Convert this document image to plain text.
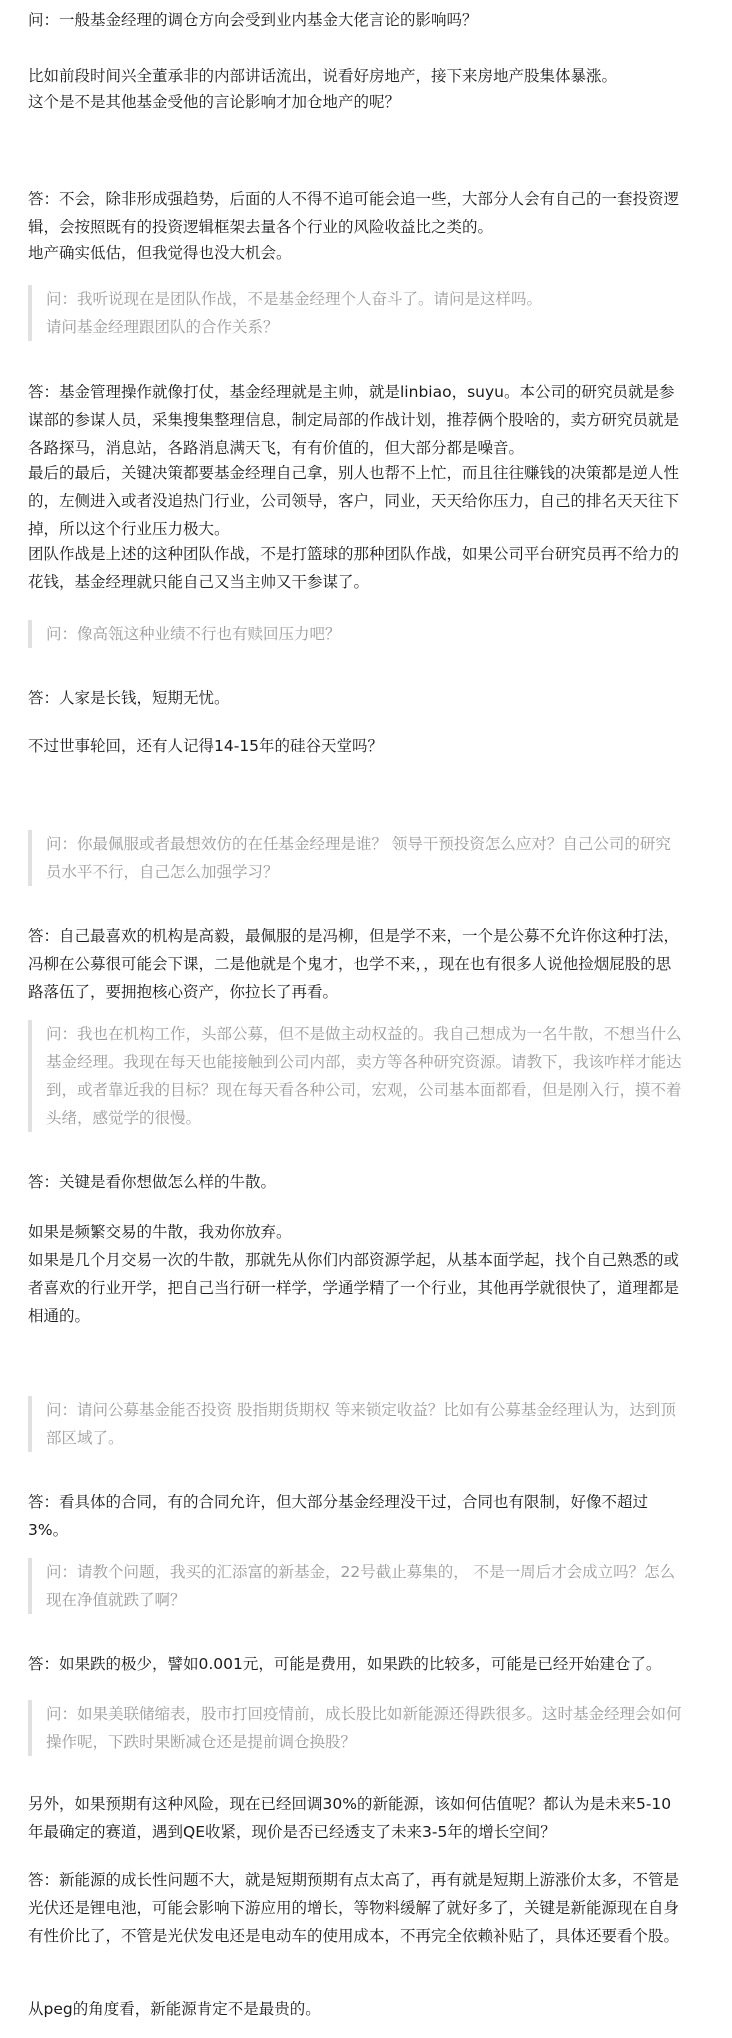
问：一般基金经理的调仓方向会受到业内基金大佬言论的影响吗？

比如前段时间兴全董承非的内部讲话流出，说看好房地产，接下来房地产股集体暴涨。

这个是不是其他基金受他的言论影响才加仓地产的呢？

答：不会，除非形成强趋势，后面的人不得不追可能会追一些，大部分人会有自己的一套投资逻辑，会按照既有的投资逻辑框架去量各个行业的风险收益比之类的。

地产确实低估，但我觉得也没大机会。

问：我听说现在是团队作战，不是基金经理个人奋斗了。请问是这样吗。

请问基金经理跟团队的合作关系？

答：基金管理操作就像打仗，基金经理就是主帅，就是linbiao，suyu。本公司的研究员就是参谋部的参谋人员，采集搜集整理信息，制定局部的作战计划，推荐俩个股啥的，卖方研究员就是各路探马，消息站，各路消息满天飞，有有价值的，但大部分都是噪音。

最后的最后，关键决策都要基金经理自己拿，别人也帮不上忙，而且往往赚钱的决策都是逆人性的，左侧进入或者没追热门行业，公司领导，客户，同业，天天给你压力，自己的排名天天往下掉，所以这个行业压力极大。

团队作战是上述的这种团队作战，不是打篮球的那种团队作战，如果公司平台研究员再不给力的花钱，基金经理就只能自己又当主帅又干参谋了。

问：像高瓴这种业绩不行也有赎回压力吧？

答：人家是长钱，短期无忧。

不过世事轮回，还有人记得14-15年的硅谷天堂吗？

问：你最佩服或者最想效仿的在任基金经理是谁？ 领导干预投资怎么应对？自己公司的研究员水平不行，自己怎么加强学习？

答：自己最喜欢的机构是高毅，最佩服的是冯柳，但是学不来，一个是公募不允许你这种打法，冯柳在公募很可能会下课，二是他就是个鬼才，也学不来，，现在也有很多人说他捡烟屁股的思路落伍了，要拥抱核心资产，你拉长了再看。

问：我也在机构工作，头部公募，但不是做主动权益的。我自己想成为一名牛散，不想当什么基金经理。我现在每天也能接触到公司内部，卖方等各种研究资源。请教下，我该咋样才能达到，或者靠近我的目标？现在每天看各种公司，宏观，公司基本面都看，但是刚入行，摸不着头绪，感觉学的很慢。

答：关键是看你想做怎么样的牛散。

如果是频繁交易的牛散，我劝你放弃。

如果是几个月交易一次的牛散，那就先从你们内部资源学起，从基本面学起，找个自己熟悉的或者喜欢的行业开学，把自己当行研一样学，学通学精了一个行业，其他再学就很快了，道理都是相通的。

问：请问公募基金能否投资 股指期货期权 等来锁定收益？比如有公募基金经理认为，达到顶部区域了。

答：看具体的合同，有的合同允许，但大部分基金经理没干过，合同也有限制，好像不超过3%。

问：请教个问题，我买的汇添富的新基金，22号截止募集的， 不是一周后才会成立吗？怎么现在净值就跌了啊？

答：如果跌的极少，譬如0.001元，可能是费用，如果跌的比较多，可能是已经开始建仓了。

问：如果美联储缩表，股市打回疫情前，成长股比如新能源还得跌很多。这时基金经理会如何操作呢，下跌时果断减仓还是提前调仓换股？

另外，如果预期有这种风险，现在已经回调30%的新能源，该如何估值呢？都认为是未来5-10年最确定的赛道，遇到QE收紧，现价是否已经透支了未来3-5年的增长空间？

答：新能源的成长性问题不大，就是短期预期有点太高了，再有就是短期上游涨价太多，不管是光伏还是锂电池，可能会影响下游应用的增长，等物料缓解了就好多了，关键是新能源现在自身有性价比了，不管是光伏发电还是电动车的使用成本，不再完全依赖补贴了，具体还要看个股。

从peg的角度看，新能源肯定不是最贵的。
